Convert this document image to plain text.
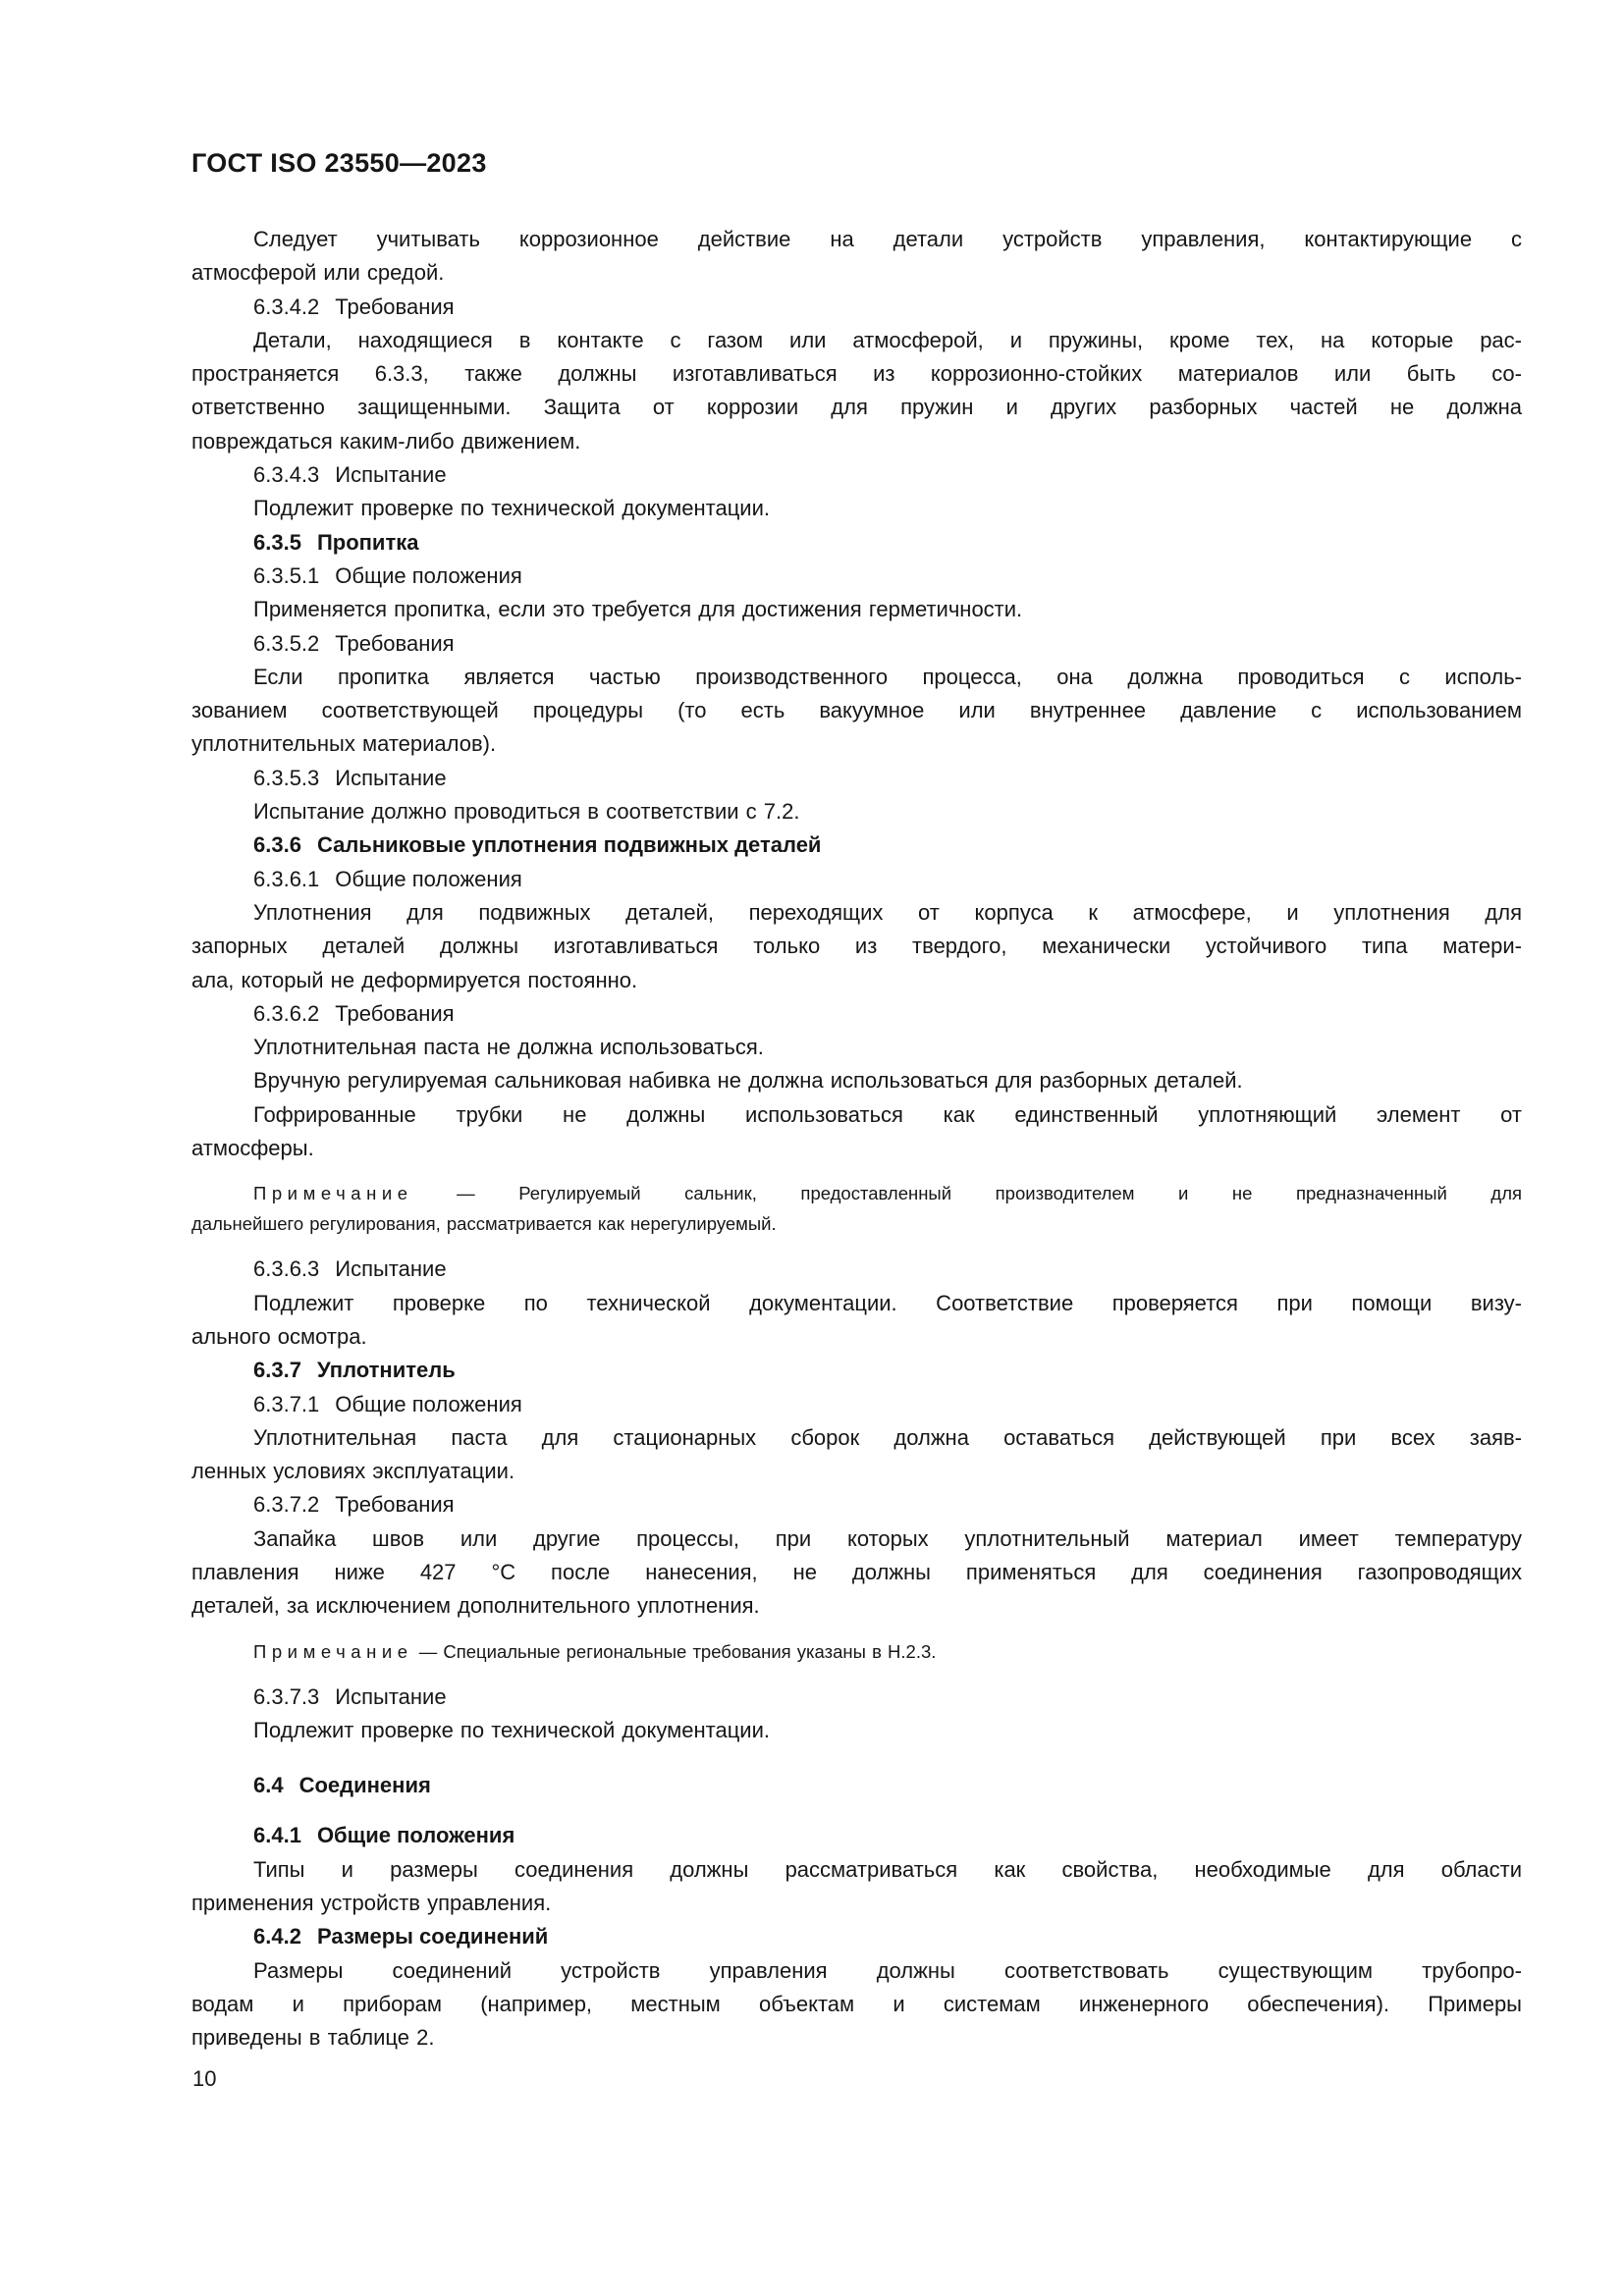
ГОСТ ISO 23550—2023
Следует учитывать коррозионное действие на детали устройств управления, контактирующие с
атмосферой или средой.
6.3.4.2 Требования
Детали, находящиеся в контакте с газом или атмосферой, и пружины, кроме тех, на которые рас-
пространяется 6.3.3, также должны изготавливаться из коррозионно-стойких материалов или быть со-
ответственно защищенными. Защита от коррозии для пружин и других разборных частей не должна
повреждаться каким-либо движением.
6.3.4.3 Испытание
Подлежит проверке по технической документации.
6.3.5 Пропитка
6.3.5.1 Общие положения
Применяется пропитка, если это требуется для достижения герметичности.
6.3.5.2 Требования
Если пропитка является частью производственного процесса, она должна проводиться с исполь-
зованием соответствующей процедуры (то есть вакуумное или внутреннее давление с использованием
уплотнительных материалов).
6.3.5.3 Испытание
Испытание должно проводиться в соответствии с 7.2.
6.3.6 Сальниковые уплотнения подвижных деталей
6.3.6.1 Общие положения
Уплотнения для подвижных деталей, переходящих от корпуса к атмосфере, и уплотнения для
запорных деталей должны изготавливаться только из твердого, механически устойчивого типа матери-
ала, который не деформируется постоянно.
6.3.6.2 Требования
Уплотнительная паста не должна использоваться.
Вручную регулируемая сальниковая набивка не должна использоваться для разборных деталей.
Гофрированные трубки не должны использоваться как единственный уплотняющий элемент от
атмосферы.
Примечание — Регулируемый сальник, предоставленный производителем и не предназначенный для
дальнейшего регулирования, рассматривается как нерегулируемый.
6.3.6.3 Испытание
Подлежит проверке по технической документации. Соответствие проверяется при помощи визу-
ального осмотра.
6.3.7 Уплотнитель
6.3.7.1 Общие положения
Уплотнительная паста для стационарных сборок должна оставаться действующей при всех заяв-
ленных условиях эксплуатации.
6.3.7.2 Требования
Запайка швов или другие процессы, при которых уплотнительный материал имеет температуру
плавления ниже 427 °С после нанесения, не должны применяться для соединения газопроводящих
деталей, за исключением дополнительного уплотнения.
Примечание — Специальные региональные требования указаны в Н.2.3.
6.3.7.3 Испытание
Подлежит проверке по технической документации.
6.4 Соединения
6.4.1 Общие положения
Типы и размеры соединения должны рассматриваться как свойства, необходимые для области
применения устройств управления.
6.4.2 Размеры соединений
Размеры соединений устройств управления должны соответствовать существующим трубопро-
водам и приборам (например, местным объектам и системам инженерного обеспечения). Примеры
приведены в таблице 2.
10
